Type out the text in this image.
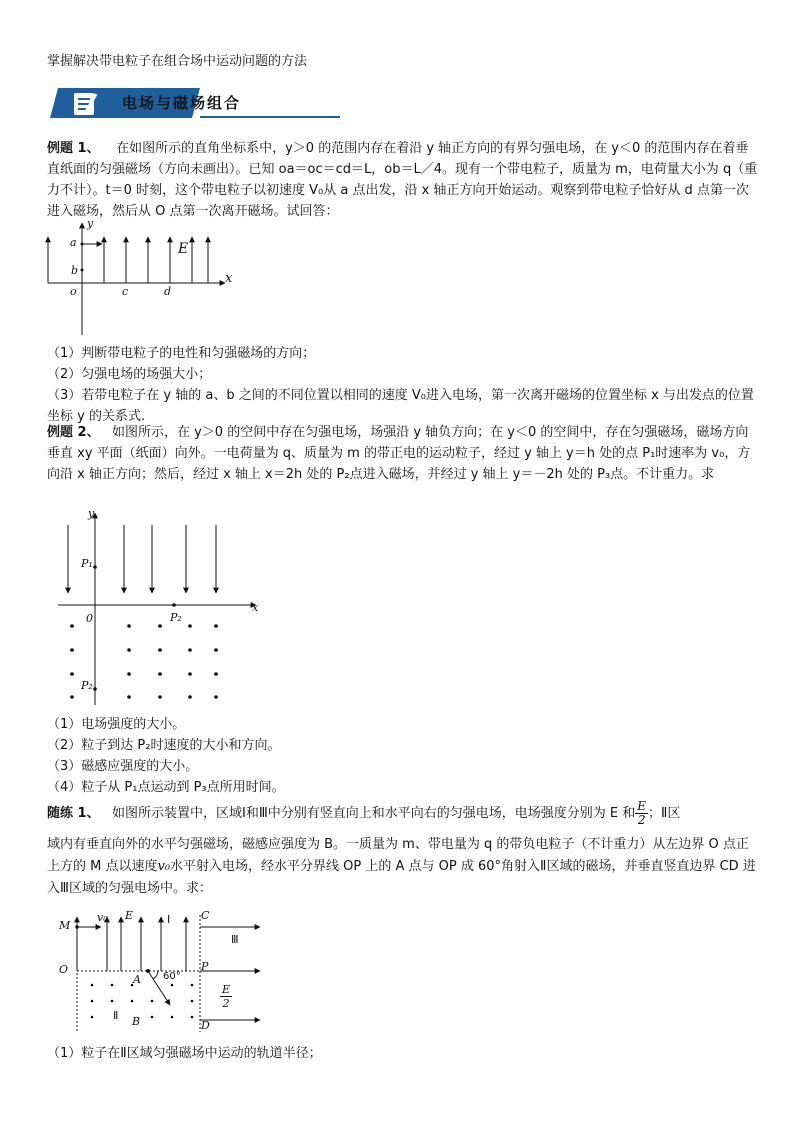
掌握解决带电粒子在组合场中运动问题的方法
电场与磁场组合

例题 1、 在如图所示的直角坐标系中，y＞0 的范围内存在着沿 y 轴正方向的有界匀强电场，在 y＜0 的范围内存在着垂直纸面的匀强磁场（方向未画出）。已知 oa＝oc＝cd＝L，ob＝L／4。现有一个带电粒子，质量为 m，电荷量大小为 q（重力不计）。t＝0 时刻，这个带电粒子以初速度 V₀从 a 点出发，沿 x 轴正方向开始运动。观察到带电粒子恰好从 d 点第一次进入磁场，然后从 O 点第一次离开磁场。试回答：

y
a
b
o	c	d
E
x
（1）判断带电粒子的电性和匀强磁场的方向；
（2）匀强电场的场强大小；
（3）若带电粒子在 y 轴的 a、b 之间的不同位置以相同的速度 V₀进入电场，第一次离开磁场的位置坐标 x 与出发点的位置坐标 y 的关系式.

例题 2、 如图所示，在 y＞0 的空间中存在匀强电场，场强沿 y 轴负方向；在 y＜0 的空间中，存在匀强磁场，磁场方向垂直 xy 平面（纸面）向外。一电荷量为 q、质量为 m 的带正电的运动粒子，经过 y 轴上 y＝h 处的点 P₁时速率为 v₀，方向沿 x 轴正方向；然后，经过 x 轴上 x＝2h 处的 P₂点进入磁场，并经过 y 轴上 y＝－2h 处的 P₃点。不计重力。求

y
P₁
0	P₂
P₂
x
（1）电场强度的大小。
（2）粒子到达 P₂时速度的大小和方向。
（3）磁感应强度的大小。
（4）粒子从 P₁点运动到 P₃点所用时间。
随练 1、 如图所示装置中，区域Ⅰ和Ⅲ中分别有竖直向上和水平向右的匀强电场，电场强度分别为 E 和 $\frac{E}{2}$ ；Ⅱ区

域内有垂直向外的水平匀强磁场，磁感应强度为 B。一质量为 m、带电量为 q 的带负电粒子（不计重力）从左边界 O 点正上方的 M 点以速度v₀水平射入电场，经水平分界线 OP 上的 A 点与 OP 成 60°角射入Ⅱ区域的磁场，并垂直竖直边界 CD 进入Ⅲ区域的匀强电场中。求：

M
v₀ E	Ⅰ	C
Ⅲ
O	P
A 60°
$\frac{E}{2}$
Ⅱ B	D
（1）粒子在Ⅱ区域匀强磁场中运动的轨道半径；
